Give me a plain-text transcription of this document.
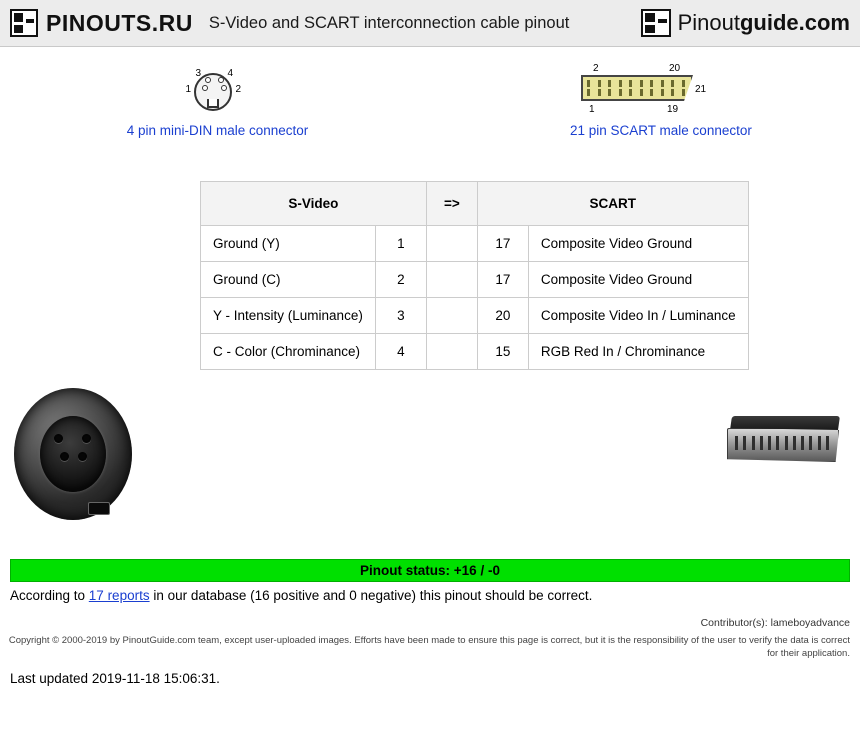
PINOUTS.RU S-Video and SCART interconnection cable pinout	Pinoutguide.com
1	2
3	4
4 pin mini-DIN male connector
2	20
21
1	19
21 pin SCART male connector
S-Video		=>	SCART	
Ground (Y)	1		17	Composite Video Ground
Ground (C)	2		17	Composite Video Ground
Y - Intensity (Luminance)	3		20	Composite Video In / Luminance
C - Color (Chrominance)	4		15	RGB Red In / Chrominance
Pinout status: +16 / -0
According to 17 reports in our database (16 positive and 0 negative) this pinout should be correct.
Contributor(s): lameboyadvance
Copyright © 2000-2019 by PinoutGuide.com team, except user-uploaded images. Efforts have been made to ensure this page is correct, but it is the responsibility of the user to verify the data is correct for their application.
Last updated 2019-11-18 15:06:31.
